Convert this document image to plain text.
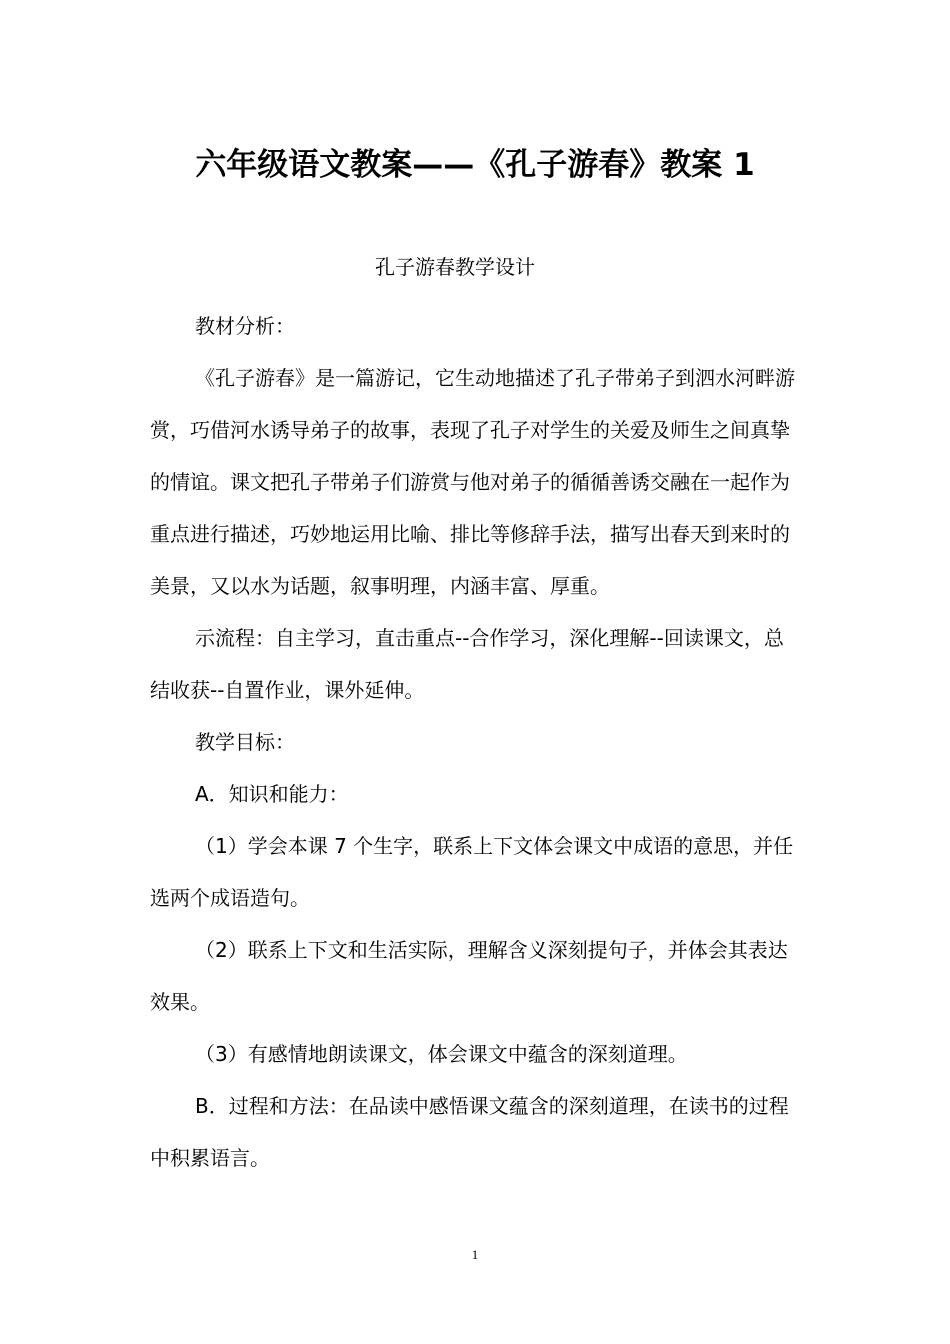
六年级语文教案——《孔子游春》教案 1
孔子游春教学设计

教材分析：

《孔子游春》是一篇游记，它生动地描述了孔子带弟子到泗水河畔游赏，巧借河水诱导弟子的故事，表现了孔子对学生的关爱及师生之间真挚的情谊。课文把孔子带弟子们游赏与他对弟子的循循善诱交融在一起作为重点进行描述，巧妙地运用比喻、排比等修辞手法，描写出春天到来时的美景，又以水为话题，叙事明理，内涵丰富、厚重。

示流程：自主学习，直击重点--合作学习，深化理解--回读课文，总结收获--自置作业，课外延伸。

教学目标：

A．知识和能力：

（1）学会本课 7 个生字，联系上下文体会课文中成语的意思，并任选两个成语造句。

（2）联系上下文和生活实际，理解含义深刻提句子，并体会其表达效果。

（3）有感情地朗读课文，体会课文中蕴含的深刻道理。

B．过程和方法：在品读中感悟课文蕴含的深刻道理，在读书的过程中积累语言。

1
